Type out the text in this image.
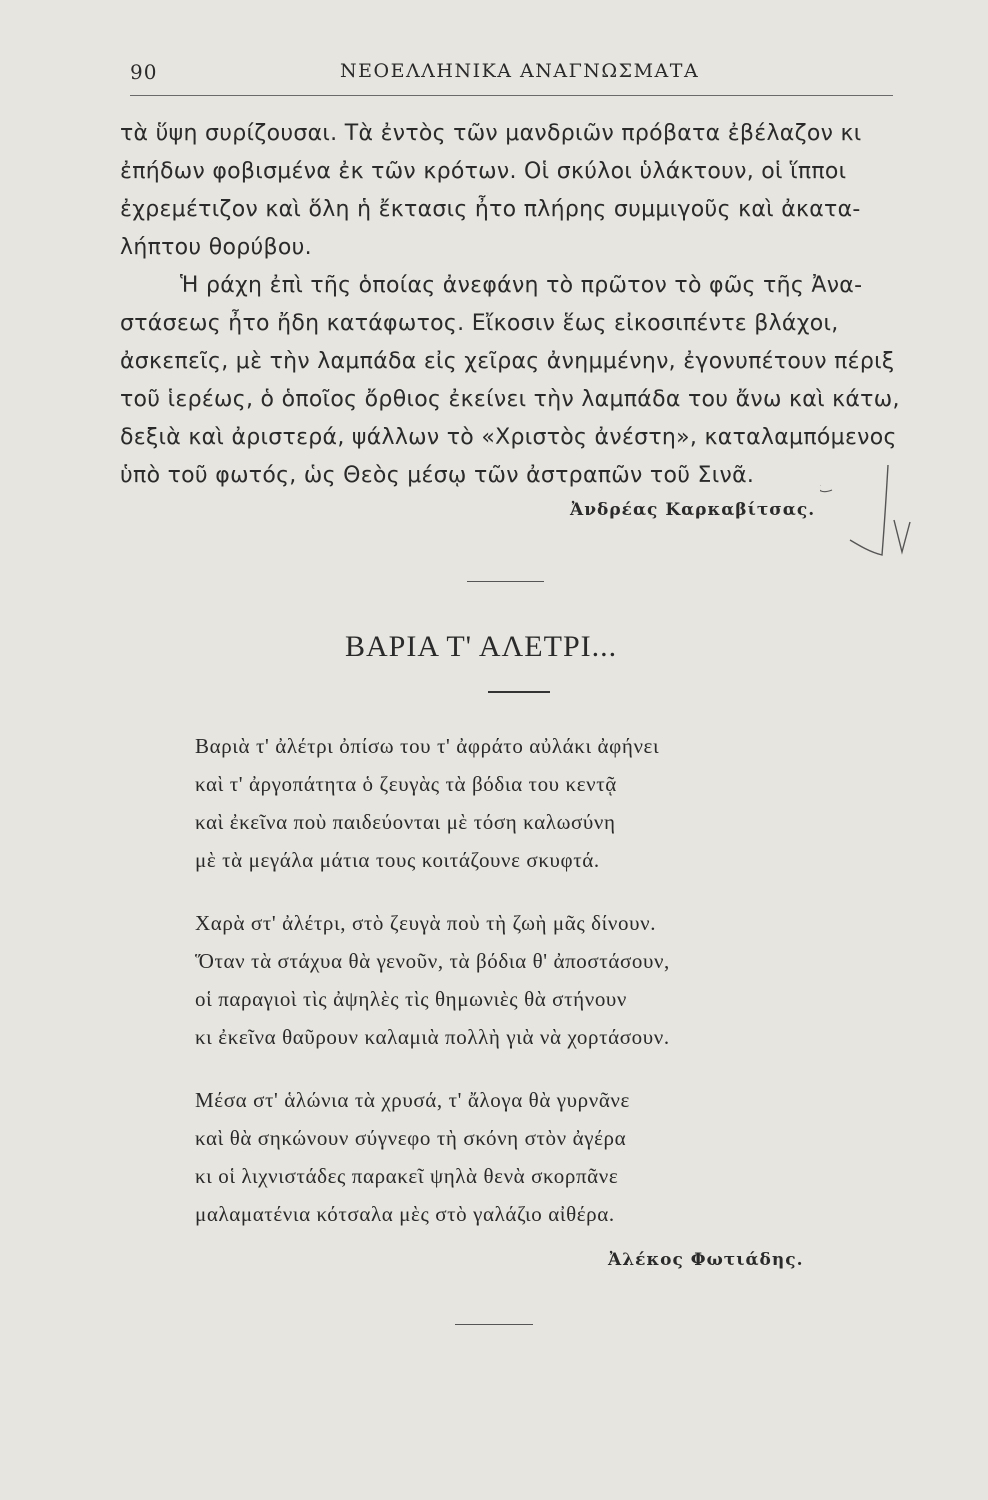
90	ΝΕΟΕΛΛΗΝΙΚΑ ΑΝΑΓΝΩΣΜΑΤΑ
τὰ ὕψη συρίζουσαι. Τὰ ἐντὸς τῶν μανδριῶν πρόβατα ἐβέλαζον κι
ἐπήδων φοβισμένα ἐκ τῶν κρότων. Οἱ σκύλοι ὑλάκτουν, οἱ ἵπποι
ἐχρεμέτιζον καὶ ὅλη ἡ ἔκτασις ἦτο πλήρης συμμιγοῦς καὶ ἀκατα-
λήπτου θορύβου.
Ἡ ράχη ἐπὶ τῆς ὁποίας ἀνεφάνη τὸ πρῶτον τὸ φῶς τῆς Ἀνα-
στάσεως ἦτο ἤδη κατάφωτος. Εἴκοσιν ἕως εἰκοσιπέντε βλάχοι,
ἀσκεπεῖς, μὲ τὴν λαμπάδα εἰς χεῖρας ἀνημμένην, ἐγονυπέτουν πέριξ
τοῦ ἱερέως, ὁ ὁποῖος ὄρθιος ἐκείνει τὴν λαμπάδα του ἄνω καὶ κάτω,
δεξιὰ καὶ ἀριστερά, ψάλλων τὸ «Χριστὸς ἀνέστη», καταλαμπόμενος
ὑπὸ τοῦ φωτός, ὡς Θεὸς μέσῳ τῶν ἀστραπῶν τοῦ Σινᾶ.
Ἀνδρέας Καρκαβίτσας.
ΒΑΡΙΑ Τ' ΑΛΕΤΡΙ...
Βαριὰ τ' ἀλέτρι ὀπίσω του τ' ἀφράτο αὐλάκι ἀφήνει
καὶ τ' ἀργοπάτητα ὁ ζευγὰς τὰ βόδια του κεντᾷ
καὶ ἐκεῖνα ποὺ παιδεύονται μὲ τόση καλωσύνη
μὲ τὰ μεγάλα μάτια τους κοιτάζουνε σκυφτά.
Χαρὰ στ' ἀλέτρι, στὸ ζευγὰ ποὺ τὴ ζωὴ μᾶς δίνουν.
Ὅταν τὰ στάχυα θὰ γενοῦν, τὰ βόδια θ' ἀποστάσουν,
οἱ παραγιοὶ τὶς ἀψηλὲς τὶς θημωνιὲς θὰ στήνουν
κι ἐκεῖνα θαῦρουν καλαμιὰ πολλὴ γιὰ νὰ χορτάσουν.
Μέσα στ' ἁλώνια τὰ χρυσά, τ' ἄλογα θὰ γυρνᾶνε
καὶ θὰ σηκώνουν σύγνεφο τὴ σκόνη στὸν ἀγέρα
κι οἱ λιχνιστάδες παρακεῖ ψηλὰ θενὰ σκορπᾶνε
μαλαματένια κότσαλα μὲς στὸ γαλάζιο αἰθέρα.
Ἀλέκος Φωτιάδης.
